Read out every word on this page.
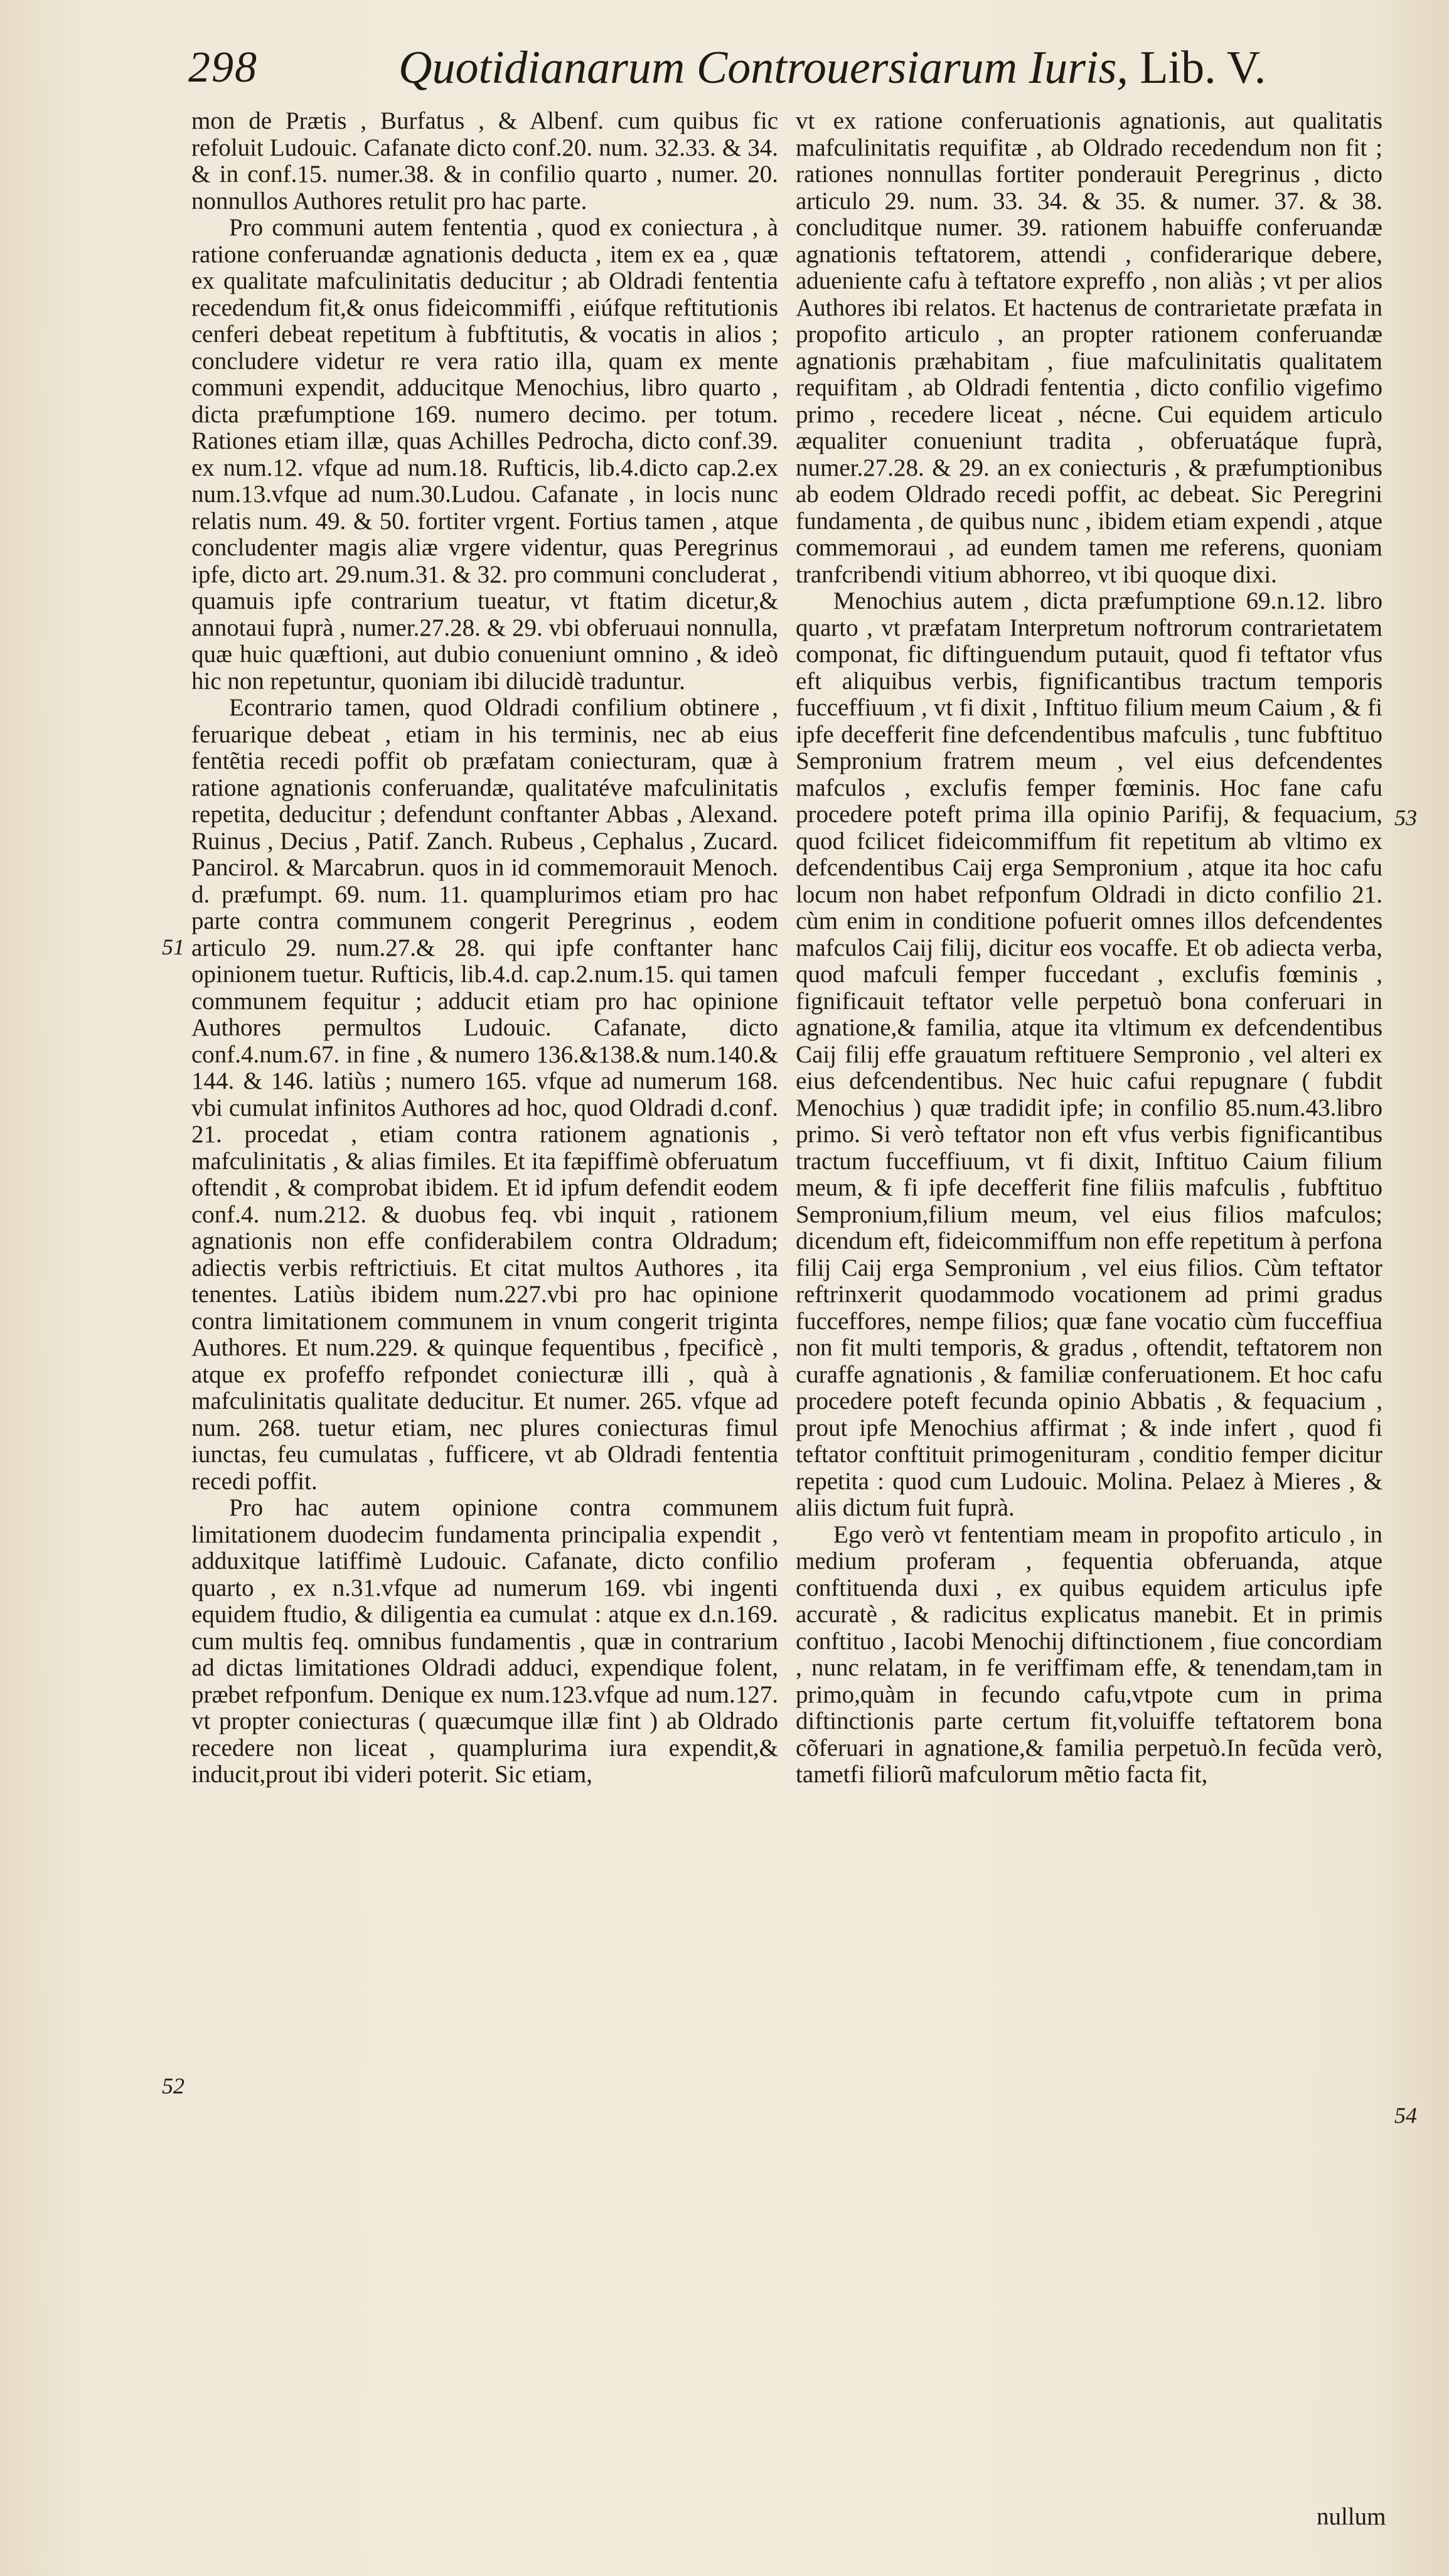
298	Quotidianarum Controuersiarum Iuris, Lib. V.

mon de Prætis , Burfatus , & Albenf. cum quibus fic refoluit Ludouic. Cafanate dicto conf.20. num. 32.33. & 34. & in conf.15. numer.38. & in confilio quarto , numer. 20. nonnullos Authores retulit pro hac parte.

Pro communi autem fententia , quod ex coniectura , à ratione conferuandæ agnationis deducta , item ex ea , quæ ex qualitate mafculinitatis deducitur ; ab Oldradi fententia recedendum fit,& onus fideicommiffi , eiúfque reftitutionis cenferi debeat repetitum à fubftitutis, & vocatis in alios ; concludere videtur re vera ratio illa, quam ex mente communi expendit, adducitque Menochius, libro quarto , dicta præfumptione 169. numero decimo. per totum. Rationes etiam illæ, quas Achilles Pedrocha, dicto conf.39. ex num.12. vfque ad num.18. Rufticis, lib.4.dicto cap.2.ex num.13.vfque ad num.30.Ludou. Cafanate , in locis nunc relatis num. 49. & 50. fortiter vrgent. Fortius tamen , atque concludenter magis aliæ vrgere videntur, quas Peregrinus ipfe, dicto art. 29.num.31. & 32. pro communi concluderat , quamuis ipfe contrarium tueatur, vt ftatim dicetur,& annotaui fuprà , numer.27.28. & 29. vbi obferuaui nonnulla, quæ huic quæftioni, aut dubio conueniunt omnino , & ideò hic non repetuntur, quoniam ibi dilucidè traduntur.

Econtrario tamen, quod Oldradi confilium obtinere , feruarique debeat , etiam in his terminis, nec ab eius fentẽtia recedi poffit ob præfatam coniecturam, quæ à ratione agnationis conferuandæ, qualitatéve mafculinitatis repetita, deducitur ; defendunt conftanter Abbas , Alexand. Ruinus , Decius , Patif. Zanch. Rubeus , Cephalus , Zucard. Pancirol. & Marcabrun. quos in id commemorauit Menoch. d. præfumpt. 69. num. 11. quamplurimos etiam pro hac parte contra communem congerit Peregrinus , eodem articulo 29. num.27.& 28. qui ipfe conftanter hanc opinionem tuetur. Rufticis, lib.4.d. cap.2.num.15. qui tamen communem fequitur ; adducit etiam pro hac opinione Authores permultos Ludouic. Cafanate, dicto conf.4.num.67. in fine , & numero 136.&138.& num.140.& 144. & 146. latiùs ; numero 165. vfque ad numerum 168. vbi cumulat infinitos Authores ad hoc, quod Oldradi d.conf. 21. procedat , etiam contra rationem agnationis , mafculinitatis , & alias fimiles. Et ita fæpiffimè obferuatum oftendit , & comprobat ibidem. Et id ipfum defendit eodem conf.4. num.212. & duobus feq. vbi inquit , rationem agnationis non effe confiderabilem contra Oldradum; adiectis verbis reftrictiuis. Et citat multos Authores , ita tenentes. Latiùs ibidem num.227.vbi pro hac opinione contra limitationem communem in vnum congerit triginta Authores. Et num.229. & quinque fequentibus , fpecificè , atque ex profeffo refpondet coniecturæ illi , quà à mafculinitatis qualitate deducitur. Et numer. 265. vfque ad num. 268. tuetur etiam, nec plures coniecturas fimul iunctas, feu cumulatas , fufficere, vt ab Oldradi fententia recedi poffit.

Pro hac autem opinione contra communem limitationem duodecim fundamenta principalia expendit , adduxitque latiffimè Ludouic. Cafanate, dicto confilio quarto , ex n.31.vfque ad numerum 169. vbi ingenti equidem ftudio, & diligentia ea cumulat : atque ex d.n.169. cum multis feq. omnibus fundamentis , quæ in contrarium ad dictas limitationes Oldradi adduci, expendique folent, præbet refponfum. Denique ex num.123.vfque ad num.127. vt propter coniecturas ( quæcumque illæ fint ) ab Oldrado recedere non liceat , quamplurima iura expendit,& inducit,prout ibi videri poterit. Sic etiam,

vt ex ratione conferuationis agnationis, aut qualitatis mafculinitatis requifitæ , ab Oldrado recedendum non fit ; rationes nonnullas fortiter ponderauit Peregrinus , dicto articulo 29. num. 33. 34. & 35. & numer. 37. & 38. concluditque numer. 39. rationem habuiffe conferuandæ agnationis teftatorem, attendi , confiderarique debere, adueniente cafu à teftatore expreffo , non aliàs ; vt per alios Authores ibi relatos. Et hactenus de contrarietate præfata in propofito articulo , an propter rationem conferuandæ agnationis præhabitam , fiue mafculinitatis qualitatem requifitam , ab Oldradi fententia , dicto confilio vigefimo primo , recedere liceat , nécne. Cui equidem articulo æqualiter conueniunt tradita , obferuatáque fuprà, numer.27.28. & 29. an ex coniecturis , & præfumptionibus ab eodem Oldrado recedi poffit, ac debeat. Sic Peregrini fundamenta , de quibus nunc , ibidem etiam expendi , atque commemoraui , ad eundem tamen me referens, quoniam tranfcribendi vitium abhorreo, vt ibi quoque dixi.

Menochius autem , dicta præfumptione 69.n.12. libro quarto , vt præfatam Interpretum noftrorum contrarietatem componat, fic diftinguendum putauit, quod fi teftator vfus eft aliquibus verbis, fignificantibus tractum temporis fucceffiuum , vt fi dixit , Inftituo filium meum Caium , & fi ipfe decefferit fine defcendentibus mafculis , tunc fubftituo Sempronium fratrem meum , vel eius defcendentes mafculos , exclufis femper fœminis. Hoc fane cafu procedere poteft prima illa opinio Parifij, & fequacium, quod fcilicet fideicommiffum fit repetitum ab vltimo ex defcendentibus Caij erga Sempronium , atque ita hoc cafu locum non habet refponfum Oldradi in dicto confilio 21. cùm enim in conditione pofuerit omnes illos defcendentes mafculos Caij filij, dicitur eos vocaffe. Et ob adiecta verba, quod mafculi femper fuccedant , exclufis fœminis , fignificauit teftator velle perpetuò bona conferuari in agnatione,& familia, atque ita vltimum ex defcendentibus Caij filij effe grauatum reftituere Sempronio , vel alteri ex eius defcendentibus. Nec huic cafui repugnare ( fubdit Menochius ) quæ tradidit ipfe; in confilio 85.num.43.libro primo. Si verò teftator non eft vfus verbis fignificantibus tractum fucceffiuum, vt fi dixit, Inftituo Caium filium meum, & fi ipfe decefferit fine filiis mafculis , fubftituo Sempronium,filium meum, vel eius filios mafculos; dicendum eft, fideicommiffum non effe repetitum à perfona filij Caij erga Sempronium , vel eius filios. Cùm teftator reftrinxerit quodammodo vocationem ad primi gradus fucceffores, nempe filios; quæ fane vocatio cùm fucceffiua non fit multi temporis, & gradus , oftendit, teftatorem non curaffe agnationis , & familiæ conferuationem. Et hoc cafu procedere poteft fecunda opinio Abbatis , & fequacium , prout ipfe Menochius affirmat ; & inde infert , quod fi teftator conftituit primogenituram , conditio femper dicitur repetita : quod cum Ludouic. Molina. Pelaez à Mieres , & aliis dictum fuit fuprà.

Ego verò vt fententiam meam in propofito articulo , in medium proferam , fequentia obferuanda, atque conftituenda duxi , ex quibus equidem articulus ipfe accuratè , & radicitus explicatus manebit. Et in primis conftituo , Iacobi Menochij diftinctionem , fiue concordiam , nunc relatam, in fe veriffimam effe, & tenendam,tam in primo,quàm in fecundo cafu,vtpote cum in prima diftinctionis parte certum fit,voluiffe teftatorem bona cõferuari in agnatione,& familia perpetuò.In fecũda verò, tametfi filiorũ mafculorum mẽtio facta fit,

51
52
53
54
nullum
